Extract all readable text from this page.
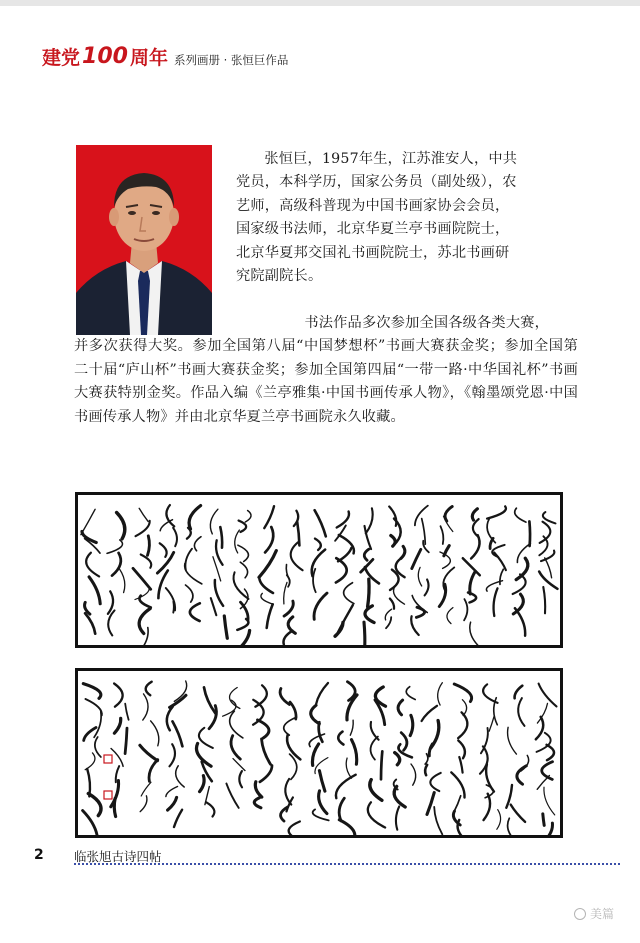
建党 100 周年 系列画册 · 张恒巨作品

张恒巨，1957年生，江苏淮安人，中共

党员，本科学历，国家公务员（副处级），农

艺师，高级科普现为中国书画家协会会员，

国家级书法师，北京华夏兰亭书画院院士，

北京华夏邦交国礼书画院院士，苏北书画研

究院副院长。

书法作品多次参加全国各级各类大赛，

并多次获得大奖。参加全国第八届“中国梦想杯”书画大赛获金奖；参加全国第二十届“庐山杯”书画大赛获金奖；参加全国第四届“一带一路·中华国礼杯”书画大赛获特别金奖。作品入编《兰亭雅集·中国书画传承人物》，《翰墨颂党恩·中国书画传承人物》并由北京华夏兰亭书画院永久收藏。

2 临张旭古诗四帖
美篇
